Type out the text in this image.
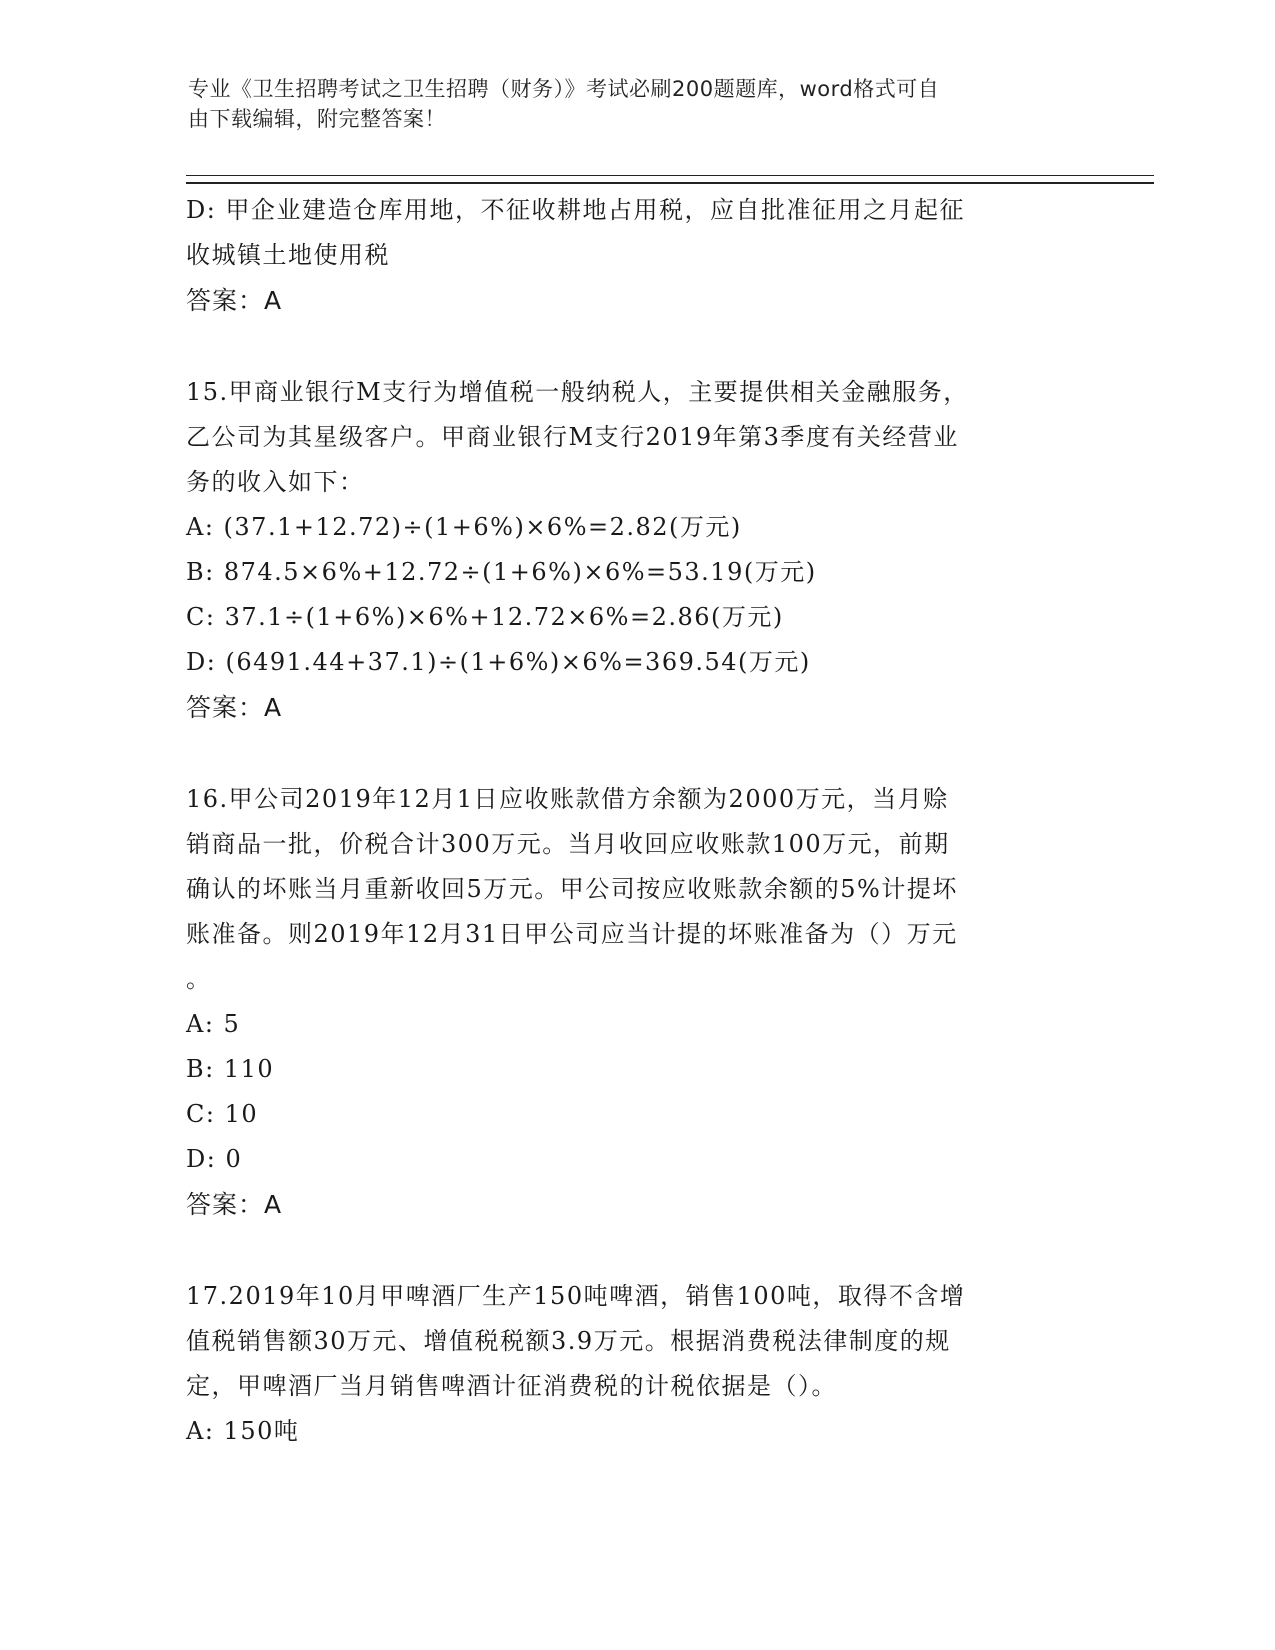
专业《卫生招聘考试之卫生招聘（财务）》考试必刷200题题库，word格式可自
由下载编辑，附完整答案！
D: 甲企业建造仓库用地，不征收耕地占用税，应自批准征用之月起征
收城镇土地使用税
答案：A
15.甲商业银行M支行为增值税一般纳税人，主要提供相关金融服务，
乙公司为其星级客户。甲商业银行M支行2019年第3季度有关经营业
务的收入如下：
A: (37.1+12.72)÷(1+6%)×6%=2.82(万元)
B: 874.5×6%+12.72÷(1+6%)×6%=53.19(万元)
C: 37.1÷(1+6%)×6%+12.72×6%=2.86(万元)
D: (6491.44+37.1)÷(1+6%)×6%=369.54(万元)
答案：A
16.甲公司2019年12月1日应收账款借方余额为2000万元，当月赊
销商品一批，价税合计300万元。当月收回应收账款100万元，前期
确认的坏账当月重新收回5万元。甲公司按应收账款余额的5%计提坏
账准备。则2019年12月31日甲公司应当计提的坏账准备为（）万元
。
A: 5
B: 110
C: 10
D: 0
答案：A
17.2019年10月甲啤酒厂生产150吨啤酒，销售100吨，取得不含增
值税销售额30万元、增值税税额3.9万元。根据消费税法律制度的规
定，甲啤酒厂当月销售啤酒计征消费税的计税依据是（）。
A: 150吨
